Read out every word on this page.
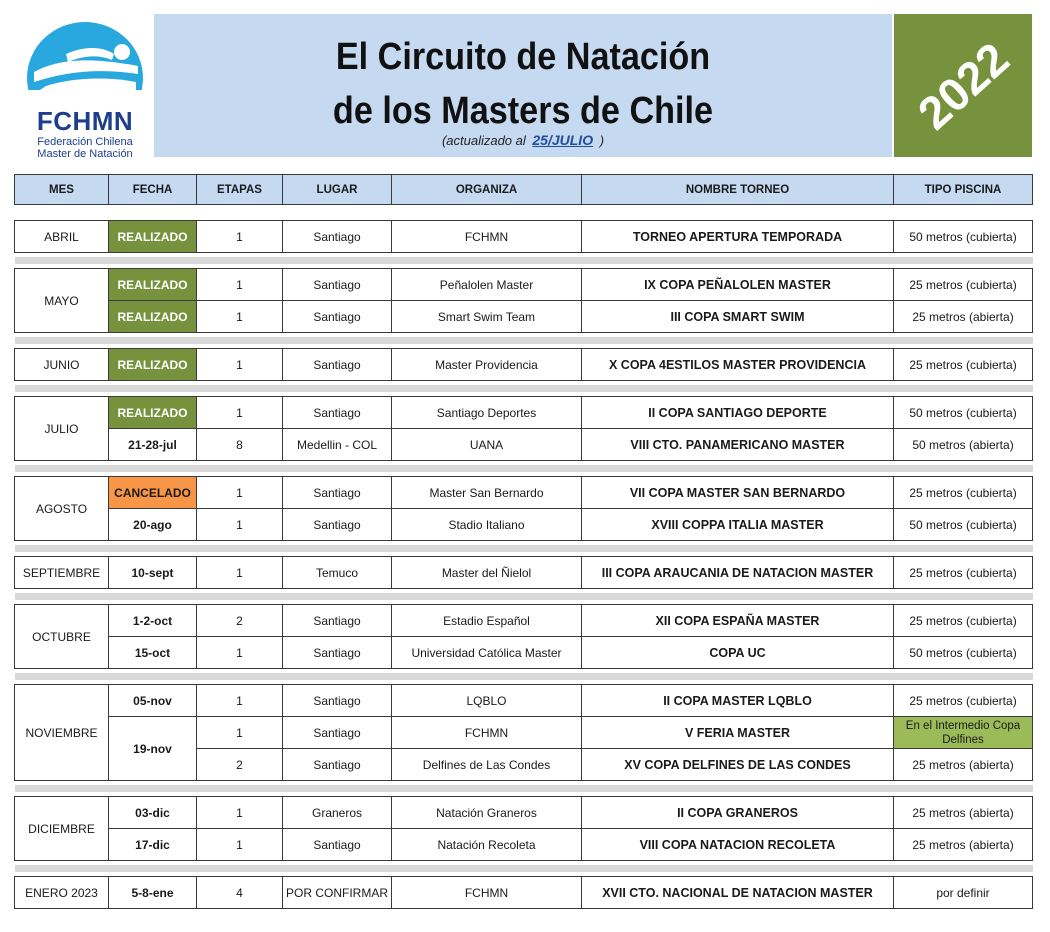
FCHMN
Federación Chilena
Master de Natación
El Circuito de Natación
de los Masters de Chile
(actualizado al 25/JULIO )
2022
MES	FECHA	ETAPAS	LUGAR	ORGANIZA	NOMBRE TORNEO	TIPO PISCINA

ABRIL	REALIZADO	1	Santiago	FCHMN	TORNEO APERTURA TEMPORADA	50 metros (cubierta)

MAYO	REALIZADO	1	Santiago	Peñalolen Master	IX COPA PEÑALOLEN MASTER	25 metros (cubierta)
	REALIZADO	1	Santiago	Smart Swim Team	III COPA SMART SWIM	25 metros (abierta)

JUNIO	REALIZADO	1	Santiago	Master Providencia	X COPA 4ESTILOS MASTER PROVIDENCIA	25 metros (cubierta)

JULIO	REALIZADO	1	Santiago	Santiago Deportes	II COPA SANTIAGO DEPORTE	50 metros (cubierta)
	21-28-jul	8	Medellin - COL	UANA	VIII CTO. PANAMERICANO MASTER	50 metros (abierta)

AGOSTO	CANCELADO	1	Santiago	Master San Bernardo	VII COPA MASTER SAN BERNARDO	25 metros (cubierta)
	20-ago	1	Santiago	Stadio Italiano	XVIII COPPA ITALIA MASTER	50 metros (cubierta)

SEPTIEMBRE	10-sept	1	Temuco	Master del Ñielol	III COPA ARAUCANIA DE NATACION MASTER	25 metros (cubierta)

OCTUBRE	1-2-oct	2	Santiago	Estadio Español	XII COPA ESPAÑA MASTER	25 metros (cubierta)
	15-oct	1	Santiago	Universidad Católica Master	COPA UC	50 metros (cubierta)

NOVIEMBRE	05-nov	1	Santiago	LQBLO	II COPA MASTER LQBLO	25 metros (cubierta)
	19-nov	1	Santiago	FCHMN	V FERIA MASTER	En el Intermedio Copa Delfines
		2	Santiago	Delfines de Las Condes	XV COPA DELFINES DE LAS CONDES	25 metros (abierta)

DICIEMBRE	03-dic	1	Graneros	Natación Graneros	II COPA GRANEROS	25 metros (abierta)
	17-dic	1	Santiago	Natación Recoleta	VIII COPA NATACION RECOLETA	25 metros (abierta)

ENERO 2023	5-8-ene	4	POR CONFIRMAR	FCHMN	XVII CTO. NACIONAL DE NATACION MASTER	por definir
